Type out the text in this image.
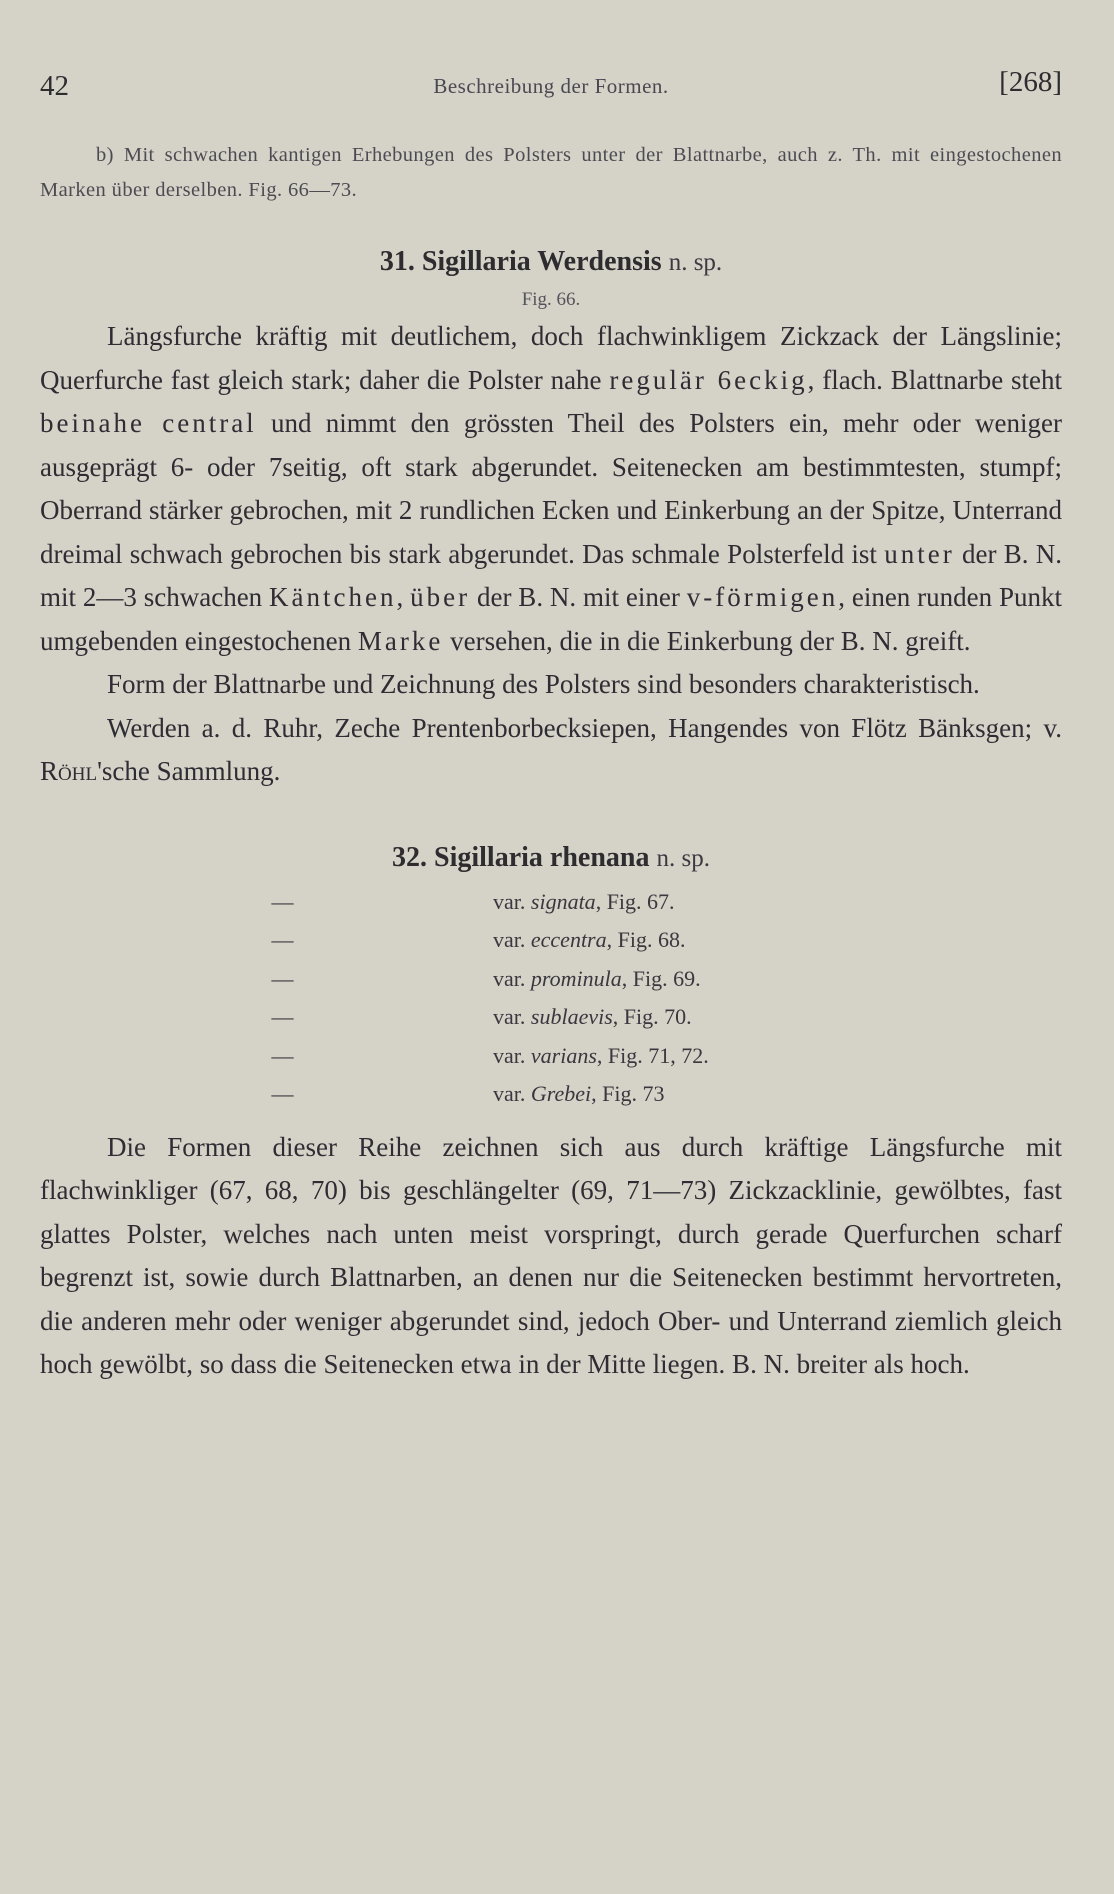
42	Beschreibung der Formen.	[268]

b) Mit schwachen kantigen Erhebungen des Polsters unter der Blattnarbe, auch z. Th. mit eingestochenen Marken über derselben. Fig. 66—73.

31. Sigillaria Werdensis n. sp.
Fig. 66.

Längsfurche kräftig mit deutlichem, doch flachwinkligem Zickzack der Längslinie; Querfurche fast gleich stark; daher die Polster nahe regulär 6eckig, flach. Blattnarbe steht beinahe central und nimmt den grössten Theil des Polsters ein, mehr oder weniger ausgeprägt 6- oder 7seitig, oft stark abgerundet. Seitenecken am bestimmtesten, stumpf; Oberrand stärker gebrochen, mit 2 rundlichen Ecken und Einkerbung an der Spitze, Unterrand dreimal schwach gebrochen bis stark abgerundet. Das schmale Polsterfeld ist unter der B. N. mit 2—3 schwachen Käntchen, über der B. N. mit einer v-förmigen, einen runden Punkt umgebenden eingestochenen Marke versehen, die in die Einkerbung der B. N. greift.

Form der Blattnarbe und Zeichnung des Polsters sind besonders charakteristisch.

Werden a. d. Ruhr, Zeche Prentenborbecksiepen, Hangendes von Flötz Bänksgen; v. Röhl'sche Sammlung.

32. Sigillaria rhenana n. sp.
—	var. signata, Fig. 67.
—	var. eccentra, Fig. 68.
—	var. prominula, Fig. 69.
—	var. sublaevis, Fig. 70.
—	var. varians, Fig. 71, 72.
—	var. Grebei, Fig. 73

Die Formen dieser Reihe zeichnen sich aus durch kräftige Längsfurche mit flachwinkliger (67, 68, 70) bis geschlängelter (69, 71—73) Zickzacklinie, gewölbtes, fast glattes Polster, welches nach unten meist vorspringt, durch gerade Querfurchen scharf begrenzt ist, sowie durch Blattnarben, an denen nur die Seitenecken bestimmt hervortreten, die anderen mehr oder weniger abgerundet sind, jedoch Ober- und Unterrand ziemlich gleich hoch gewölbt, so dass die Seitenecken etwa in der Mitte liegen. B. N. breiter als hoch.
